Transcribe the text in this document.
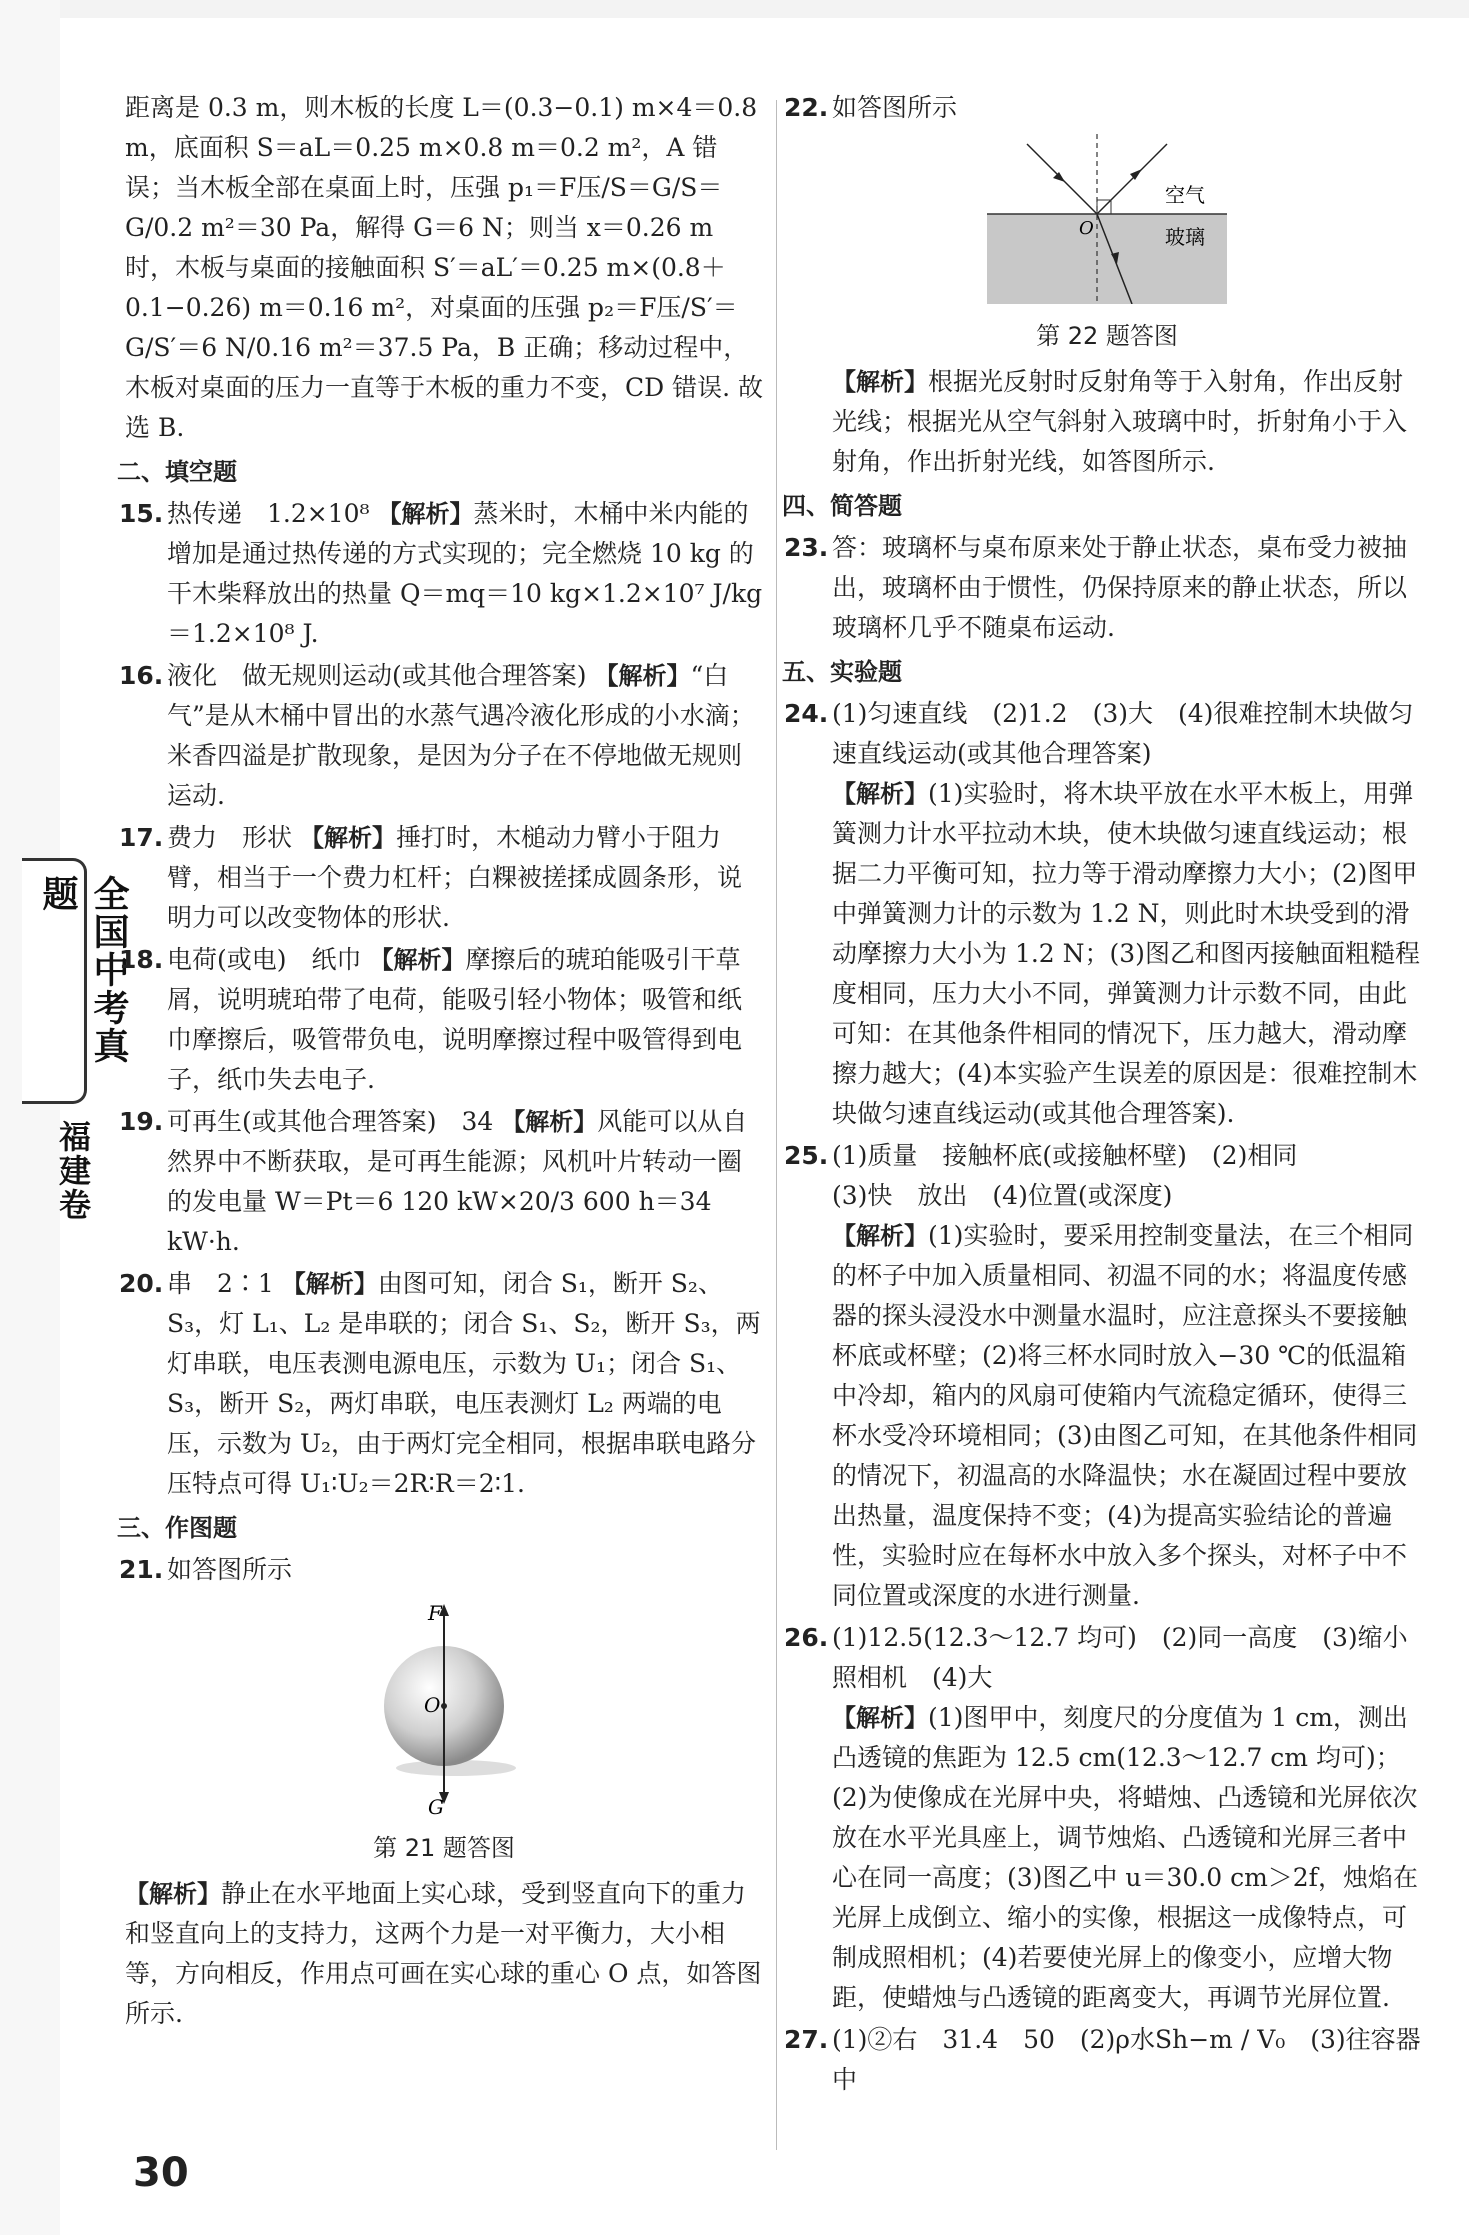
全国中考真题
福建卷

距离是 0.3 m，则木板的长度 L＝(0.3−0.1) m×4＝0.8 m，底面积 S＝aL＝0.25 m×0.8 m＝0.2 m²，A 错误；当木板全部在桌面上时，压强 p₁＝F压/S＝G/S＝G/0.2 m²＝30 Pa，解得 G＝6 N；则当 x＝0.26 m 时，木板与桌面的接触面积 S′＝aL′＝0.25 m×(0.8＋0.1−0.26) m＝0.16 m²，对桌面的压强 p₂＝F压/S′＝G/S′＝6 N/0.16 m²＝37.5 Pa，B 正确；移动过程中，木板对桌面的压力一直等于木板的重力不变，CD 错误. 故选 B.

二、填空题
15. 热传递　1.2×10⁸ 【解析】蒸米时，木桶中米内能的增加是通过热传递的方式实现的；完全燃烧 10 kg 的干木柴释放出的热量 Q＝mq＝10 kg×1.2×10⁷ J/kg＝1.2×10⁸ J.
16. 液化　做无规则运动(或其他合理答案) 【解析】“白气”是从木桶中冒出的水蒸气遇冷液化形成的小水滴；米香四溢是扩散现象，是因为分子在不停地做无规则运动.
17. 费力　形状 【解析】捶打时，木槌动力臂小于阻力臂，相当于一个费力杠杆；白粿被搓揉成圆条形，说明力可以改变物体的形状.
18. 电荷(或电)　纸巾 【解析】摩擦后的琥珀能吸引干草屑，说明琥珀带了电荷，能吸引轻小物体；吸管和纸巾摩擦后，吸管带负电，说明摩擦过程中吸管得到电子，纸巾失去电子.
19. 可再生(或其他合理答案)　34 【解析】风能可以从自然界中不断获取，是可再生能源；风机叶片转动一圈的发电量 W＝Pt＝6 120 kW×20/3 600 h＝34 kW·h.
20. 串　2∶1 【解析】由图可知，闭合 S₁，断开 S₂、S₃，灯 L₁、L₂ 是串联的；闭合 S₁、S₂，断开 S₃，两灯串联，电压表测电源电压，示数为 U₁；闭合 S₁、S₃，断开 S₂，两灯串联，电压表测灯 L₂ 两端的电压，示数为 U₂，由于两灯完全相同，根据串联电路分压特点可得 U₁∶U₂＝2R∶R＝2∶1.
三、作图题
21. 如答图所示
F
O
G
第 21 题答图

【解析】静止在水平地面上实心球，受到竖直向下的重力和竖直向上的支持力，这两个力是一对平衡力，大小相等，方向相反，作用点可画在实心球的重心 O 点，如答图所示.

22. 如答图所示
O
空气
玻璃
第 22 题答图

【解析】根据光反射时反射角等于入射角，作出反射光线；根据光从空气斜射入玻璃中时，折射角小于入射角，作出折射光线，如答图所示.

四、简答题
23. 答：玻璃杯与桌布原来处于静止状态，桌布受力被抽出，玻璃杯由于惯性，仍保持原来的静止状态，所以玻璃杯几乎不随桌布运动.
五、实验题
24. (1)匀速直线　(2)1.2　(3)大　(4)很难控制木块做匀速直线运动(或其他合理答案)
【解析】(1)实验时，将木块平放在水平木板上，用弹簧测力计水平拉动木块，使木块做匀速直线运动；根据二力平衡可知，拉力等于滑动摩擦力大小；(2)图甲中弹簧测力计的示数为 1.2 N，则此时木块受到的滑动摩擦力大小为 1.2 N；(3)图乙和图丙接触面粗糙程度相同，压力大小不同，弹簧测力计示数不同，由此可知：在其他条件相同的情况下，压力越大，滑动摩擦力越大；(4)本实验产生误差的原因是：很难控制木块做匀速直线运动(或其他合理答案).
25. (1)质量　接触杯底(或接触杯壁)　(2)相同
(3)快　放出　(4)位置(或深度)
【解析】(1)实验时，要采用控制变量法，在三个相同的杯子中加入质量相同、初温不同的水；将温度传感器的探头浸没水中测量水温时，应注意探头不要接触杯底或杯壁；(2)将三杯水同时放入−30 ℃的低温箱中冷却，箱内的风扇可使箱内气流稳定循环，使得三杯水受冷环境相同；(3)由图乙可知，在其他条件相同的情况下，初温高的水降温快；水在凝固过程中要放出热量，温度保持不变；(4)为提高实验结论的普遍性，实验时应在每杯水中放入多个探头，对杯子中不同位置或深度的水进行测量.
26. (1)12.5(12.3～12.7 均可)　(2)同一高度　(3)缩小　照相机　(4)大
【解析】(1)图甲中，刻度尺的分度值为 1 cm，测出凸透镜的焦距为 12.5 cm(12.3～12.7 cm 均可)；(2)为使像成在光屏中央，将蜡烛、凸透镜和光屏依次放在水平光具座上，调节烛焰、凸透镜和光屏三者中心在同一高度；(3)图乙中 u＝30.0 cm＞2f，烛焰在光屏上成倒立、缩小的实像，根据这一成像特点，可制成照相机；(4)若要使光屏上的像变小，应增大物距，使蜡烛与凸透镜的距离变大，再调节光屏位置.
27. (1)②右　31.4　50　(2)ρ水Sh−m / V₀　(3)往容器中
30
